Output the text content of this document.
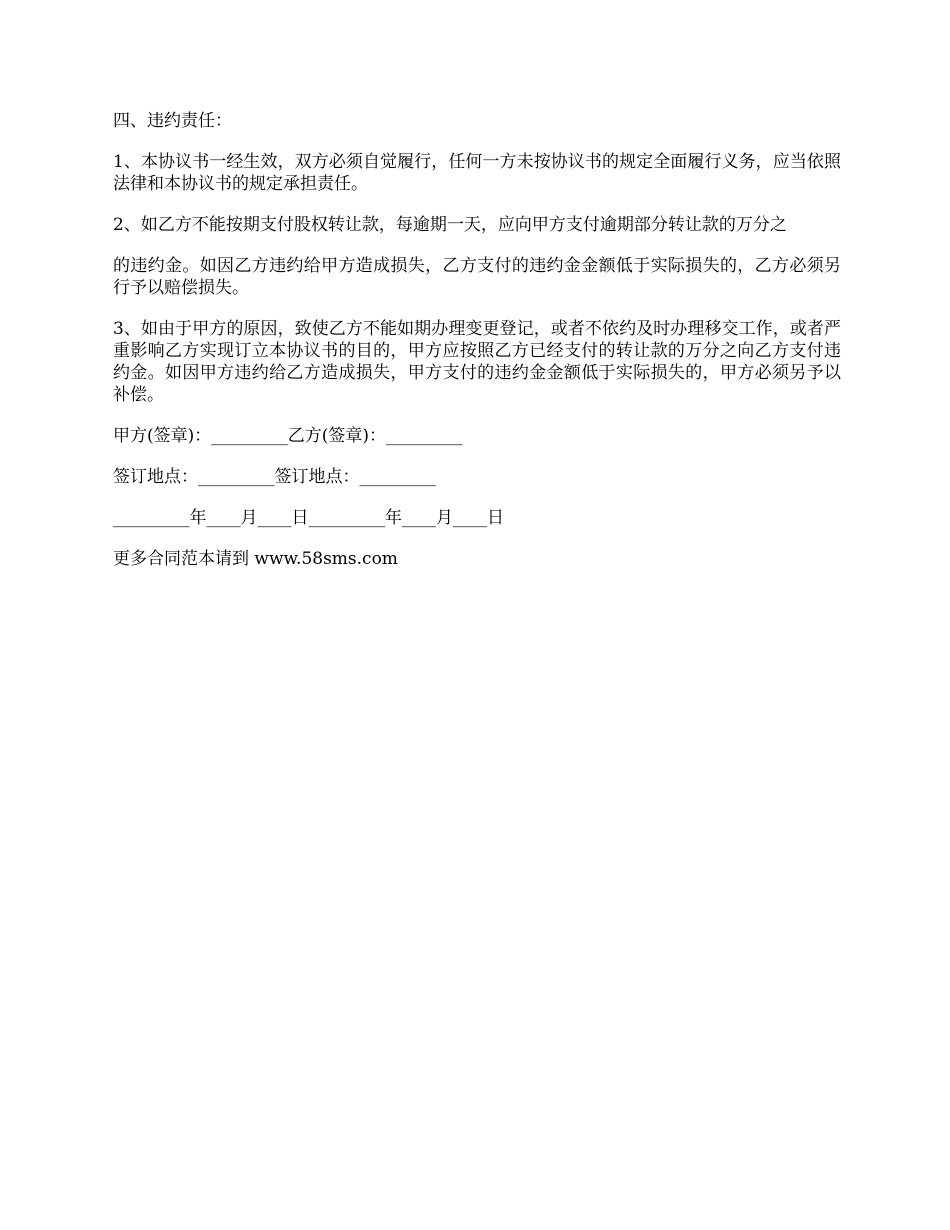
四、违约责任：

1、本协议书一经生效，双方必须自觉履行，任何一方未按协议书的规定全面履行义务，应当依照法律和本协议书的规定承担责任。

2、如乙方不能按期支付股权转让款，每逾期一天，应向甲方支付逾期部分转让款的万分之

的违约金。如因乙方违约给甲方造成损失，乙方支付的违约金金额低于实际损失的，乙方必须另行予以赔偿损失。

3、如由于甲方的原因，致使乙方不能如期办理变更登记，或者不依约及时办理移交工作，或者严重影响乙方实现订立本协议书的目的，甲方应按照乙方已经支付的转让款的万分之向乙方支付违约金。如因甲方违约给乙方造成损失，甲方支付的违约金金额低于实际损失的，甲方必须另予以补偿。

甲方(签章)：_________乙方(签章)：_________

签订地点：_________签订地点：_________

_________年____月____日_________年____月____日

更多合同范本请到 www.58sms.com
